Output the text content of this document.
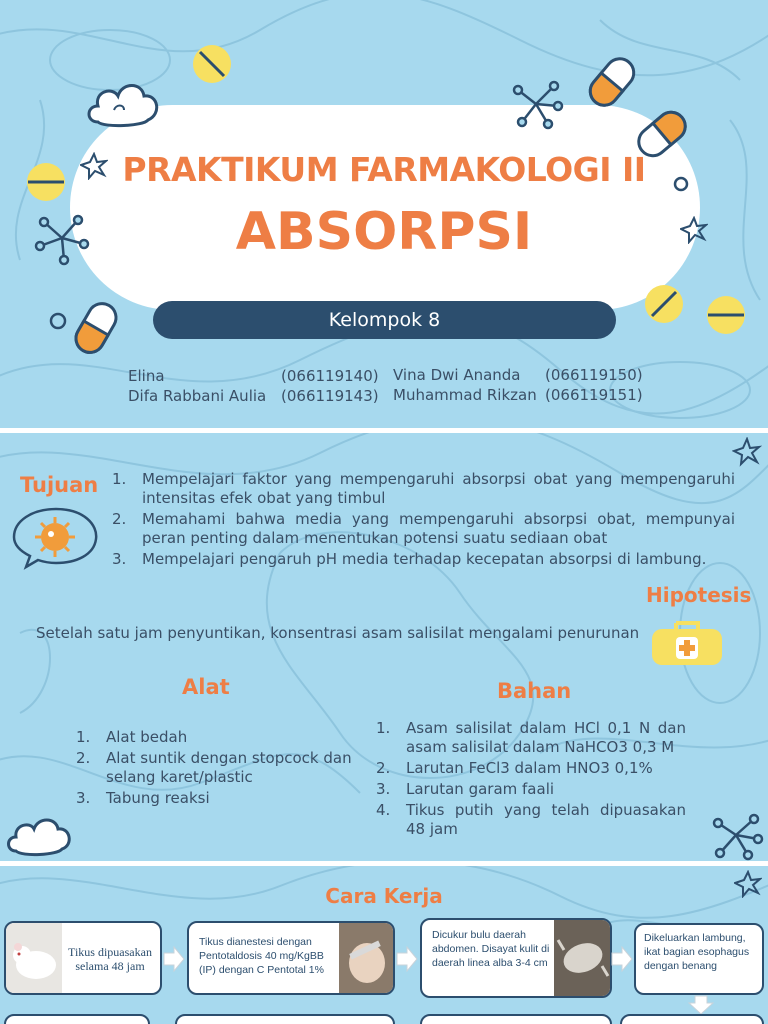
PRAKTIKUM FARMAKOLOGI II
ABSORPSI
Kelompok 8
Elina	(066119140)
Difa Rabbani Aulia (066119143)
Vina Dwi Ananda (066119150)
Muhammad Rikzan (066119151)
Tujuan 1. Mempelajari faktor yang mempengaruhi absorpsi obat yang mempengaruhi intensitas efek obat yang timbul
2. Memahami bahwa media yang mempengaruhi absorpsi obat, mempunyai peran penting dalam menentukan potensi suatu sediaan obat
3. Mempelajari pengaruh pH media terhadap kecepatan absorpsi di lambung.
Hipotesis
Setelah satu jam penyuntikan, konsentrasi asam salisilat mengalami penurunan
Alat	Bahan
1. Alat bedah
2. Alat suntik dengan stopcock dan selang karet/plastic
3. Tabung reaksi
1. Asam salisilat dalam HCl 0,1 N dan asam salisilat dalam NaHCO3 0,3 M
2. Larutan FeCl3 dalam HNO3 0,1%
3. Larutan garam faali
4. Tikus putih yang telah dipuasakan 48 jam
Cara Kerja
Tikus dipuasakan selama 48 jam
Tikus dianestesi dengan Pentotaldosis 40 mg/KgBB (IP) dengan C Pentotal 1%
Dicukur bulu daerah abdomen. Disayat kulit di daerah linea alba 3-4 cm
Dikeluarkan lambung, ikat bagian esophagus dengan benang
